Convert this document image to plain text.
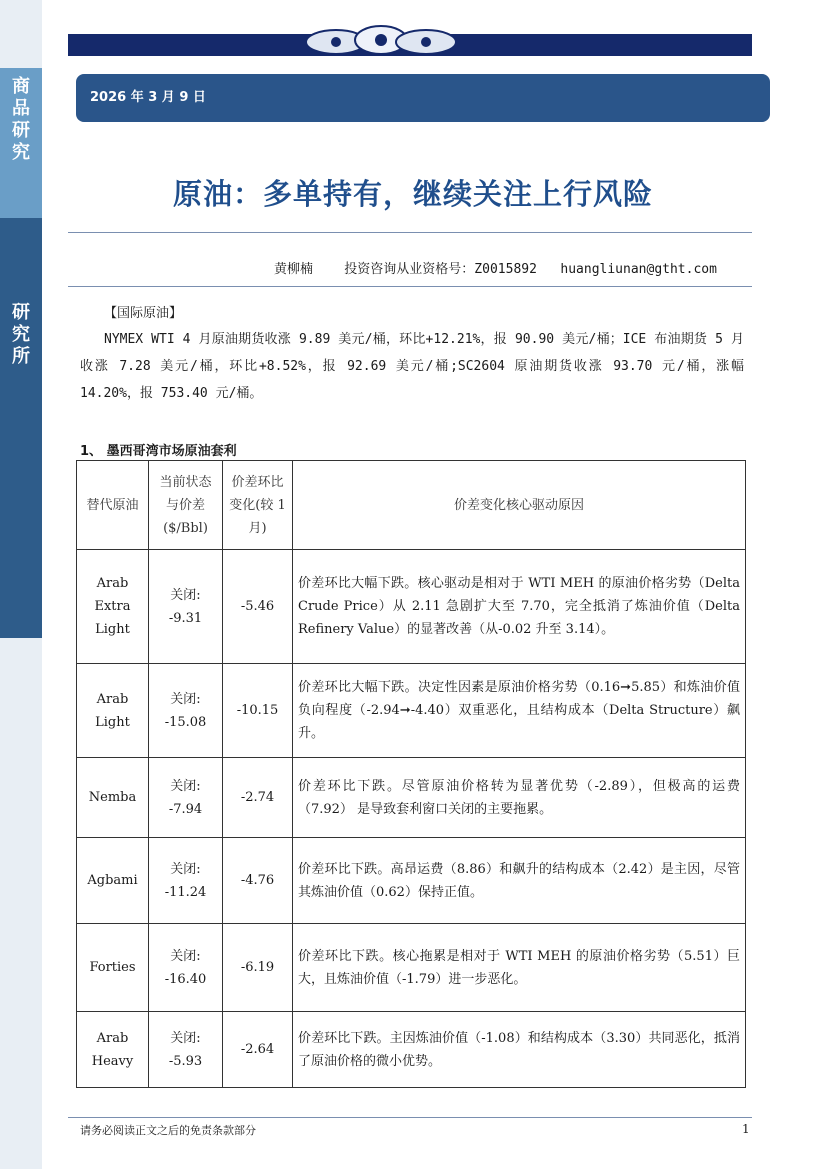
商
品
研
究
研
究
所
2026 年 3 月 9 日
原油：多单持有，继续关注上行风险
黄柳楠    投资咨询从业资格号：Z0015892   huangliunan@gtht.com
【国际原油】
NYMEX WTI 4 月原油期货收涨 9.89 美元/桶，环比+12.21%，报 90.90 美元/桶；ICE 布油期货 5 月收涨 7.28 美元/桶，环比+8.52%，报 92.69 美元/桶;SC2604 原油期货收涨 93.70 元/桶，涨幅 14.20%，报 753.40 元/桶。
1、 墨西哥湾市场原油套利
替代原油	当前状态与价差($/Bbl)	价差环比变化(较 1 月)	价差变化核心驱动原因
Arab Extra Light	关闭: -9.31	-5.46	价差环比大幅下跌。核心驱动是相对于 WTI MEH 的原油价格劣势（Delta Crude Price）从 2.11 急剧扩大至 7.70，完全抵消了炼油价值（Delta Refinery Value）的显著改善（从-0.02 升至 3.14）。
Arab Light	关闭: -15.08	-10.15	价差环比大幅下跌。决定性因素是原油价格劣势（0.16➞5.85）和炼油价值负向程度（-2.94➞-4.40）双重恶化，且结构成本（Delta Structure）飙升。
Nemba	关闭: -7.94	-2.74	价差环比下跌。尽管原油价格转为显著优势（-2.89），但极高的运费（7.92） 是导致套利窗口关闭的主要拖累。
Agbami	关闭: -11.24	-4.76	价差环比下跌。高昂运费（8.86）和飙升的结构成本（2.42）是主因，尽管其炼油价值（0.62）保持正值。
Forties	关闭: -16.40	-6.19	价差环比下跌。核心拖累是相对于 WTI MEH 的原油价格劣势（5.51）巨大，且炼油价值（-1.79）进一步恶化。
Arab Heavy	关闭: -5.93	-2.64	价差环比下跌。主因炼油价值（-1.08）和结构成本（3.30）共同恶化，抵消了原油价格的微小优势。
请务必阅读正文之后的免责条款部分	1
